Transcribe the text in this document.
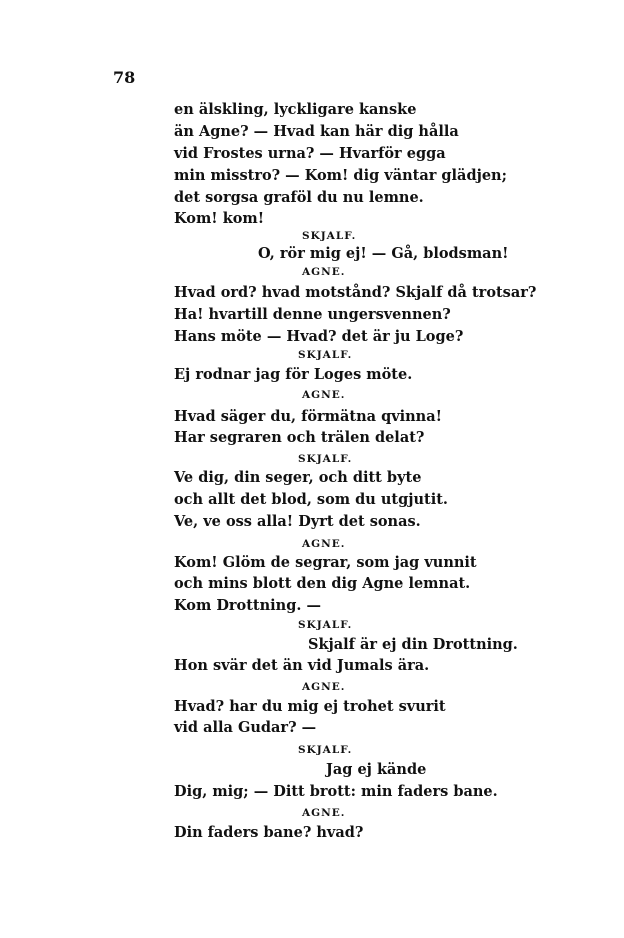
78
en älskling, lyckligare kanske
än Agne? — Hvad kan här dig hålla
vid Frostes urna? — Hvarför egga
min misstro? — Kom! dig väntar glädjen;
det sorgsa graföl du nu lemne.
Kom! kom!
SKJALF.
O, rör mig ej! — Gå, blodsman!
AGNE.
Hvad ord? hvad motstånd? Skjalf då trotsar?
Ha! hvartill denne ungersvennen?
Hans möte — Hvad? det är ju Loge?
SKJALF.
Ej rodnar jag för Loges möte.
AGNE.
Hvad säger du, förmätna qvinna!
Har segraren och trälen delat?
SKJALF.
Ve dig, din seger, och ditt byte
och allt det blod, som du utgjutit.
Ve, ve oss alla! Dyrt det sonas.
AGNE.
Kom! Glöm de segrar, som jag vunnit
och mins blott den dig Agne lemnat.
Kom Drottning. —
SKJALF.
Skjalf är ej din Drottning.
Hon svär det än vid Jumals ära.
AGNE.
Hvad? har du mig ej trohet svurit
vid alla Gudar? —
SKJALF.
Jag ej kände
Dig, mig; — Ditt brott: min faders bane.
AGNE.
Din faders bane? hvad?
